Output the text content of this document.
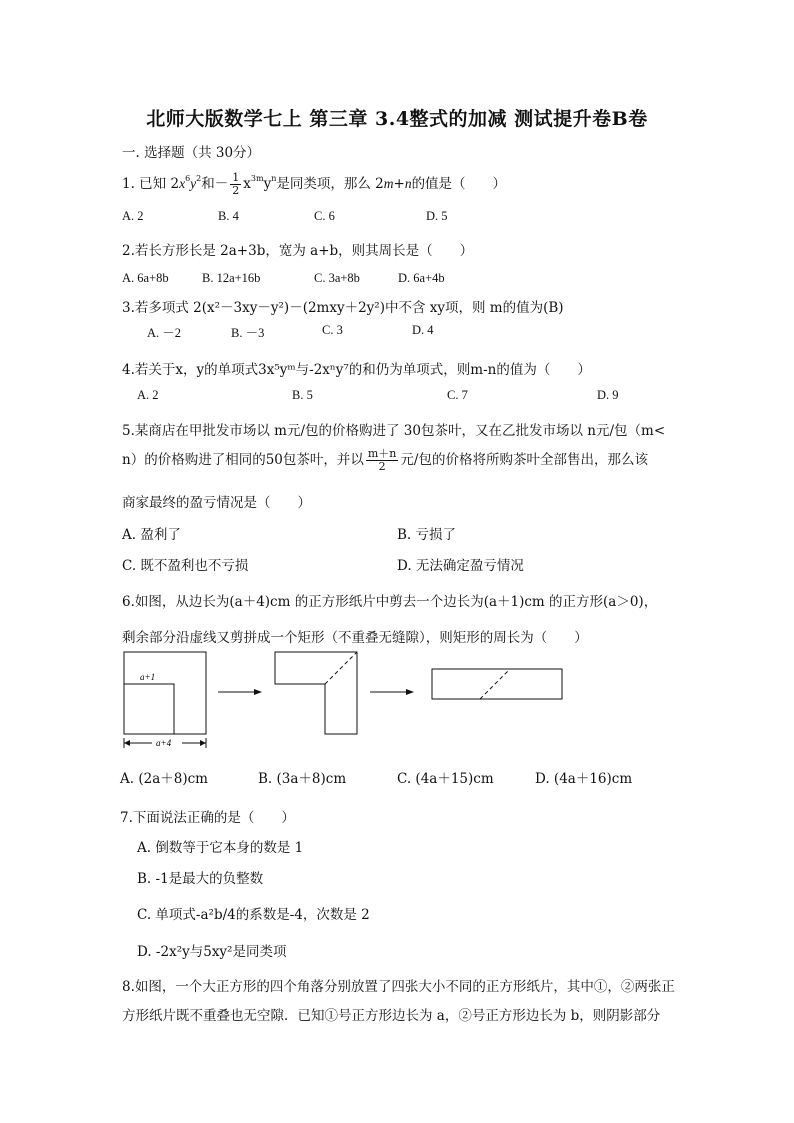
北师大版数学七上 第三章 3.4整式的加减 测试提升卷B卷
一. 选择题（共 30分）
1. 已知 $2x^6y^2$和－ $\frac{1}{2} x^{3m}y^n$是同类项，那么 2m+n的值是（　　）
A. 2	B. 4	C. 6	D. 5
2.若长方形长是 2a+3b，宽为 a+b，则其周长是（　　）
A. 6a+8b	B. 12a+16b	C. 3a+8b	D. 6a+4b
3.若多项式 2(x²－3xy－y²)－(2mxy＋2y²)中不含 xy项，则 m的值为(B)
A. －2	B. －3	C. 3	D. 4
4.若关于x，y的单项式3x⁵yᵐ与-2xⁿy⁷的和仍为单项式，则m-n的值为（　　）
A. 2	B. 5	C. 7	D. 9
5.某商店在甲批发市场以 m元/包的价格购进了 30包茶叶，又在乙批发市场以 n元/包（m<
n）的价格购进了相同的50包茶叶，并以 $\frac{m+n}{2}$ 元/包的价格将所购茶叶全部售出，那么该
商家最终的盈亏情况是（　　）
A. 盈利了	B. 亏损了
C. 既不盈利也不亏损	D. 无法确定盈亏情况
6.如图，从边长为(a＋4)cm 的正方形纸片中剪去一个边长为(a＋1)cm 的正方形(a＞0)，
剩余部分沿虚线又剪拼成一个矩形（不重叠无缝隙），则矩形的周长为（　　）
a+1
a+4
A. (2a＋8)cm	B. (3a＋8)cm	C. (4a＋15)cm	D. (4a＋16)cm
7.下面说法正确的是（　　）
A. 倒数等于它本身的数是 1
B. -1是最大的负整数
C. 单项式-a²b/4的系数是-4，次数是 2
D. -2x²y与5xy²是同类项
8.如图，一个大正方形的四个角落分别放置了四张大小不同的正方形纸片，其中①，②两张正
方形纸片既不重叠也无空隙．已知①号正方形边长为 a，②号正方形边长为 b，则阴影部分
